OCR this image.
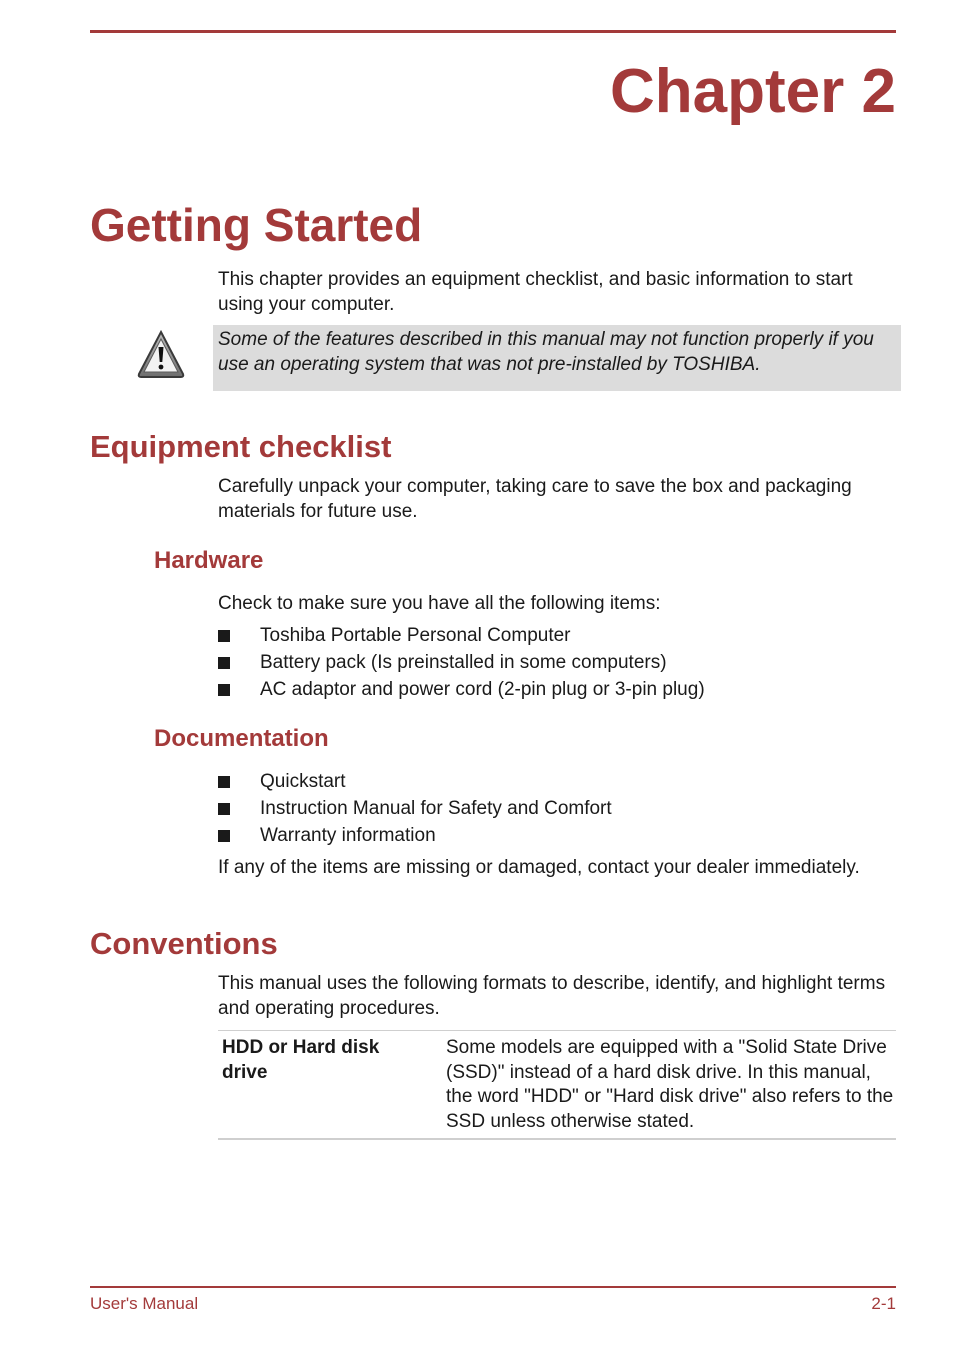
Chapter 2
Getting Started
This chapter provides an equipment checklist, and basic information to start using your computer.
Some of the features described in this manual may not function properly if you use an operating system that was not pre-installed by TOSHIBA.
Equipment checklist
Carefully unpack your computer, taking care to save the box and packaging materials for future use.
Hardware
Check to make sure you have all the following items:
Toshiba Portable Personal Computer
Battery pack (Is preinstalled in some computers)
AC adaptor and power cord (2-pin plug or 3-pin plug)
Documentation
Quickstart
Instruction Manual for Safety and Comfort
Warranty information
If any of the items are missing or damaged, contact your dealer immediately.
Conventions
This manual uses the following formats to describe, identify, and highlight terms and operating procedures.
HDD or Hard disk drive
Some models are equipped with a "Solid State Drive (SSD)" instead of a hard disk drive. In this manual, the word "HDD" or "Hard disk drive" also refers to the SSD unless otherwise stated.
User's Manual	2-1
